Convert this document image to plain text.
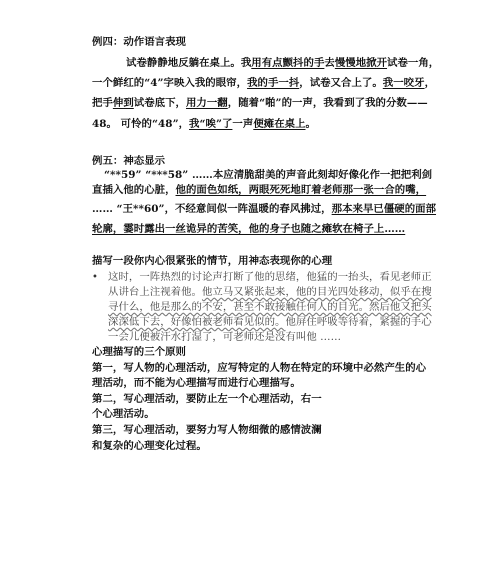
例四：动作语言表现
试卷静静地反躺在桌上。我用有点颤抖的手去慢慢地掀开试卷一角，
一个鲜红的“4”字映入我的眼帘，我的手一抖，试卷又合上了。我一咬牙，
把手伸到试卷底下，用力一翻，随着“啪”的一声，我看到了我的分数——
48。 可怜的“48”，我“唉”了一声便瘫在桌上。
例五：神态显示
“**59” “***58” ……本应清脆甜美的声音此刻却好像化作一把把利剑
直插入他的心脏，他的面色如纸，两眼死死地盯着老师那一张一合的嘴，
…… “王**60”，不经意间似一阵温暖的春风拂过，那本来早已僵硬的面部
轮廓，霎时露出一丝诡异的苦笑，他的身子也随之瘫软在椅子上……
描写一段你内心很紧张的情节，用神态表现你的心理
• 这时，一阵热烈的讨论声打断了他的思绪，他猛的一抬头，看见老师正
从讲台上注视着他。他立马又紧张起来，他的目光四处移动，似乎在搜
寻什么，他是那么的不安，甚至不敢接触任何人的目光。然后他又把头
深深低下去，好像怕被老师看见似的。他屏住呼吸等待着，紧握的手心
一会儿便被汗水打湿了，可老师还是没有叫他 ……
心理描写的三个原则
第一，写人物的心理活动，应写特定的人物在特定的环境中必然产生的心
理活动，而不能为心理描写而进行心理描写。
第二，写心理活动，要防止左一个心理活动，右一
个心理活动。
第三，写心理活动，要努力写人物细微的感情波澜
和复杂的心理变化过程。
